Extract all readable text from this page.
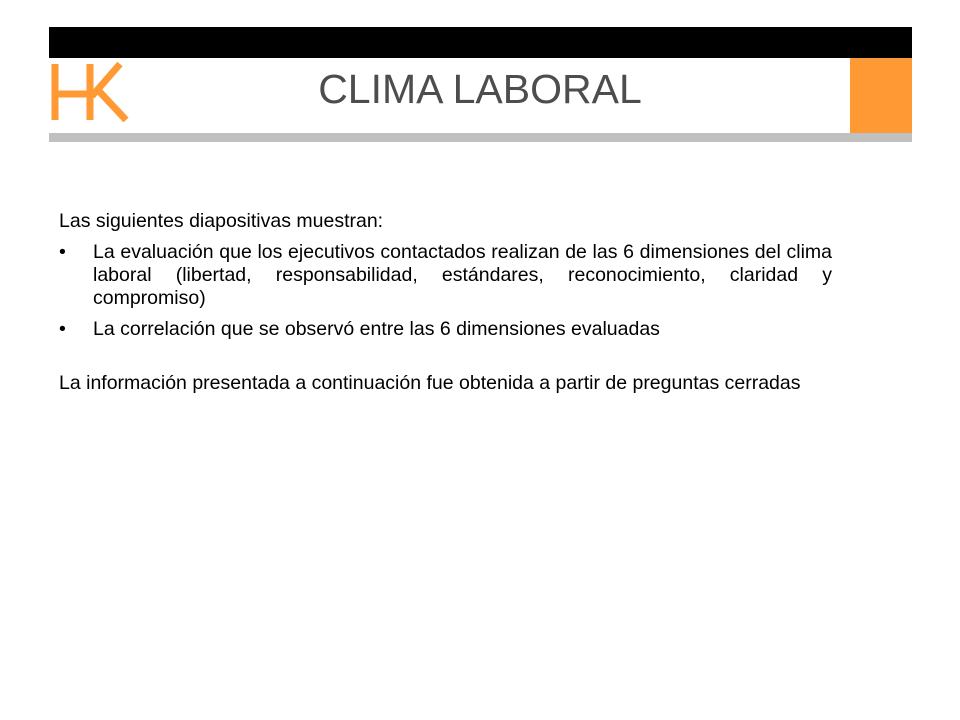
CLIMA LABORAL

Las siguientes diapositivas muestran:

• La evaluación que los ejecutivos contactados realizan de las 6 dimensiones del clima laboral (libertad, responsabilidad, estándares, reconocimiento, claridad y compromiso)
• La correlación que se observó entre las 6 dimensiones evaluadas

La información presentada a continuación fue obtenida a partir de preguntas cerradas
